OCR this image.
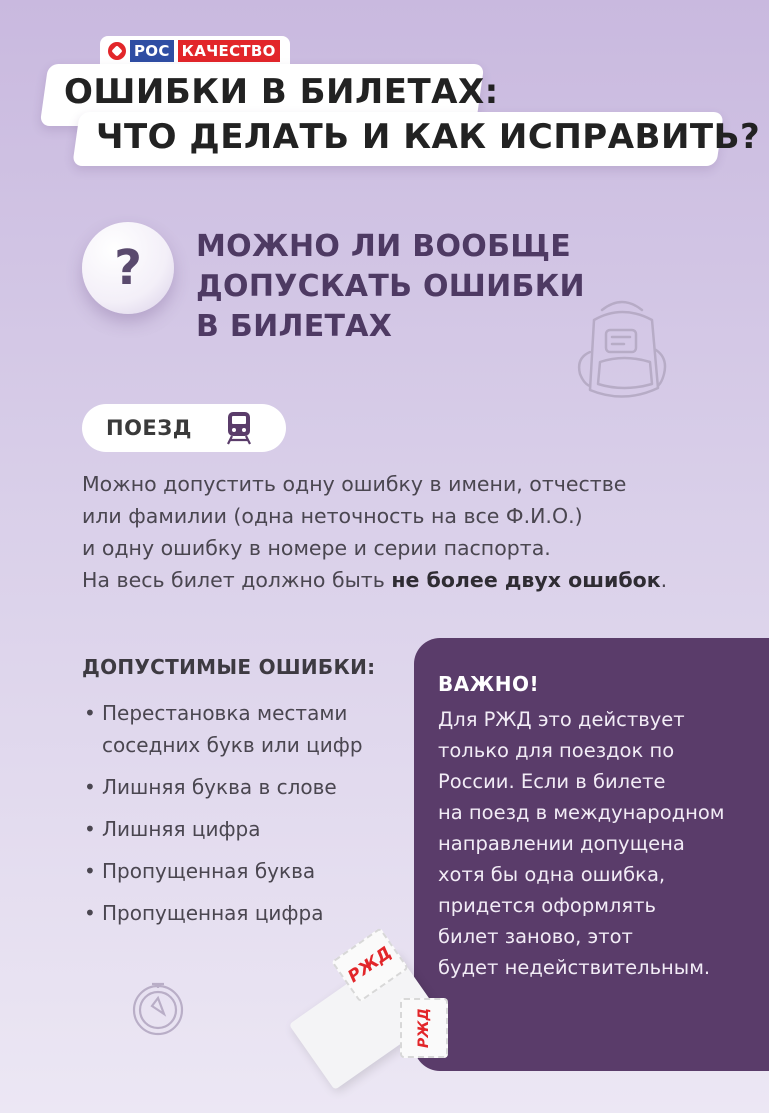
РОС КАЧЕСТВО
ОШИБКИ В БИЛЕТАХ:
ЧТО ДЕЛАТЬ И КАК ИСПРАВИТЬ?
?	МОЖНО ЛИ ВООБЩЕ
ДОПУСКАТЬ ОШИБКИ
В БИЛЕТАХ
ПОЕЗД

Можно допустить одну ошибку в имени, отчестве

или фамилии (одна неточность на все Ф.И.О.)

и одну ошибку в номере и серии паспорта.

На весь билет должно быть не более двух ошибок.

ДОПУСТИМЫЕ ОШИБКИ:
• Перестановка местами
соседних букв или цифр
• Лишняя буква в слове
• Лишняя цифра
• Пропущенная буква
• Пропущенная цифра
ВАЖНО!

Для РЖД это действует

только для поездок по

России. Если в билете

на поезд в международном

направлении допущена

хотя бы одна ошибка,

придется оформлять

билет заново, этот

будет недействительным.

РЖД
РЖД
